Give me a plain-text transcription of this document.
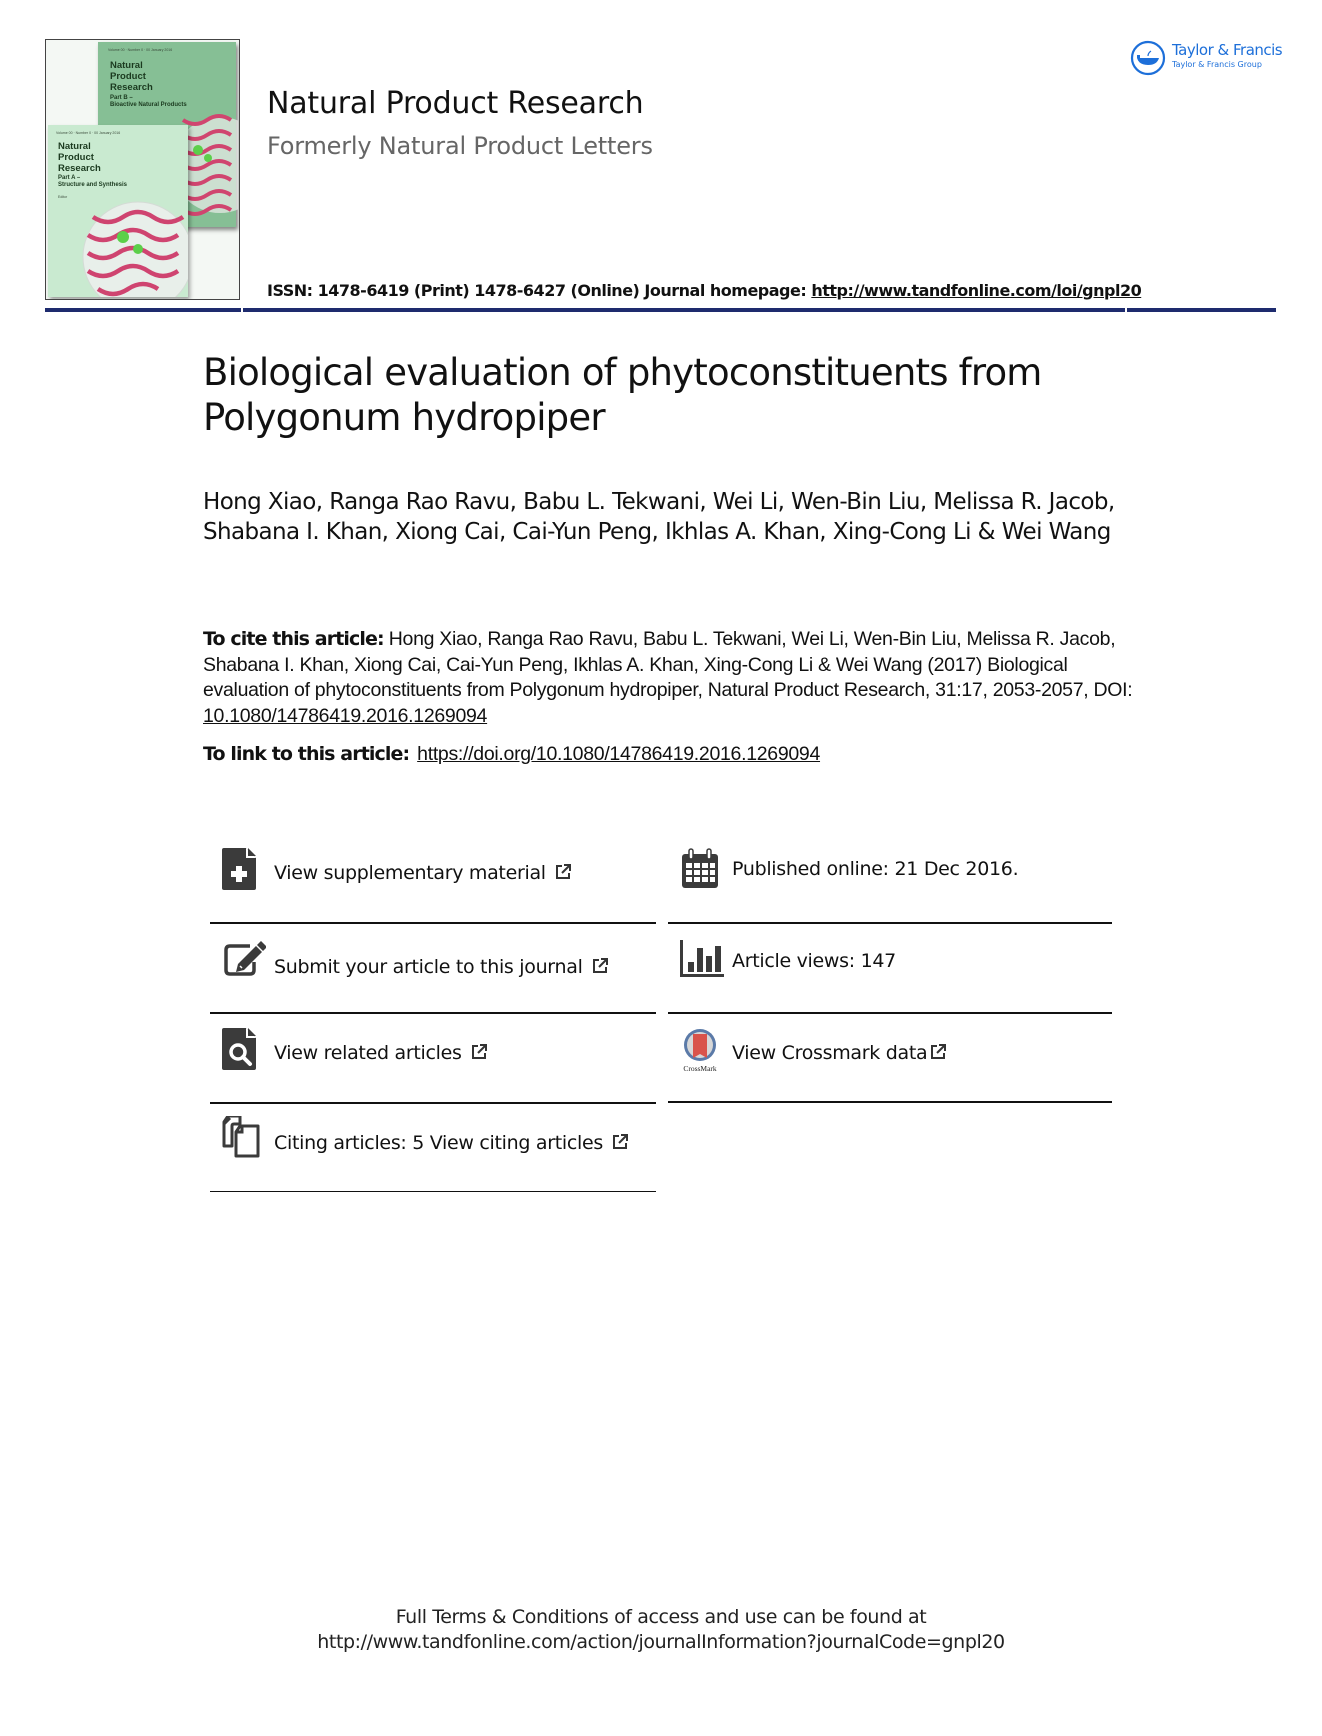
Volume 00 · Number 0 · 00 January 2016
Natural
Product
Research
Part B –
Bioactive Natural Products
Volume 00 · Number 0 · 00 January 2016
Natural
Product
Research
Part A –
Structure and Synthesis
Editor
Natural Product Research
Formerly Natural Product Letters
ISSN: 1478-6419 (Print) 1478-6427 (Online) Journal homepage: http://www.tandfonline.com/loi/gnpl20
Taylor & Francis
Taylor & Francis Group
Biological evaluation of phytoconstituents from Polygonum hydropiper
Hong Xiao, Ranga Rao Ravu, Babu L. Tekwani, Wei Li, Wen-Bin Liu, Melissa R. Jacob, Shabana I. Khan, Xiong Cai, Cai-Yun Peng, Ikhlas A. Khan, Xing-Cong Li & Wei Wang
To cite this article: Hong Xiao, Ranga Rao Ravu, Babu L. Tekwani, Wei Li, Wen-Bin Liu, Melissa R. Jacob, Shabana I. Khan, Xiong Cai, Cai-Yun Peng, Ikhlas A. Khan, Xing-Cong Li & Wei Wang (2017) Biological evaluation of phytoconstituents from Polygonum hydropiper, Natural Product Research, 31:17, 2053-2057, DOI: 10.1080/14786419.2016.1269094
To link to this article: https://doi.org/10.1080/14786419.2016.1269094
View supplementary material
Submit your article to this journal
View related articles
Citing articles: 5 View citing articles
Published online: 21 Dec 2016.
Article views: 147
CrossMark
View Crossmark data
Full Terms & Conditions of access and use can be found at
http://www.tandfonline.com/action/journalInformation?journalCode=gnpl20
